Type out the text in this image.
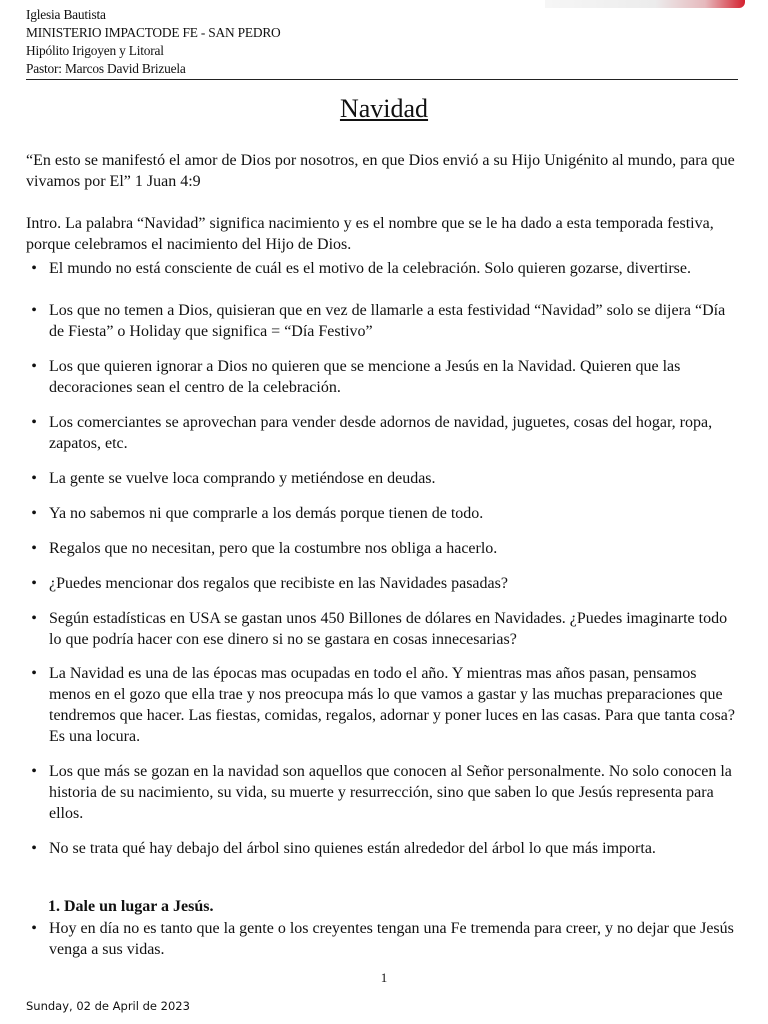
Iglesia Bautista
MINISTERIO IMPACTODE FE - SAN PEDRO
Hipólito Irigoyen y Litoral
Pastor: Marcos David Brizuela
Navidad
“En esto se manifestó el amor de Dios por nosotros, en que Dios envió a su Hijo Unigénito al mundo, para que vivamos por El” 1 Juan 4:9
Intro. La palabra “Navidad” significa nacimiento y es el nombre que se le ha dado a esta temporada festiva, porque celebramos el nacimiento del Hijo de Dios.
• El mundo no está consciente de cuál es el motivo de la celebración. Solo quieren gozarse, divertirse.
• Los que no temen a Dios, quisieran que en vez de llamarle a esta festividad “Navidad” solo se dijera “Día de Fiesta” o Holiday que significa = “Día Festivo”
• Los que quieren ignorar a Dios no quieren que se mencione a Jesús en la Navidad. Quieren que las decoraciones sean el centro de la celebración.
• Los comerciantes se aprovechan para vender desde adornos de navidad, juguetes, cosas del hogar, ropa, zapatos, etc.
• La gente se vuelve loca comprando y metiéndose en deudas.
• Ya no sabemos ni que comprarle a los demás porque tienen de todo.
• Regalos que no necesitan, pero que la costumbre nos obliga a hacerlo.
• ¿Puedes mencionar dos regalos que recibiste en las Navidades pasadas?
• Según estadísticas en USA se gastan unos 450 Billones de dólares en Navidades. ¿Puedes imaginarte todo lo que podría hacer con ese dinero si no se gastara en cosas innecesarias?
• La Navidad es una de las épocas mas ocupadas en todo el año. Y mientras mas años pasan, pensamos menos en el gozo que ella trae y nos preocupa más lo que vamos a gastar y las muchas preparaciones que tendremos que hacer. Las fiestas, comidas, regalos, adornar y poner luces en las casas. Para que tanta cosa? Es una locura.
• Los que más se gozan en la navidad son aquellos que conocen al Señor personalmente. No solo conocen la historia de su nacimiento, su vida, su muerte y resurrección, sino que saben lo que Jesús representa para ellos.
• No se trata qué hay debajo del árbol sino quienes están alrededor del árbol lo que más importa.
1. Dale un lugar a Jesús.
• Hoy en día no es tanto que la gente o los creyentes tengan una Fe tremenda para creer, y no dejar que Jesús venga a sus vidas.
1
Sunday, 02 de April de 2023
